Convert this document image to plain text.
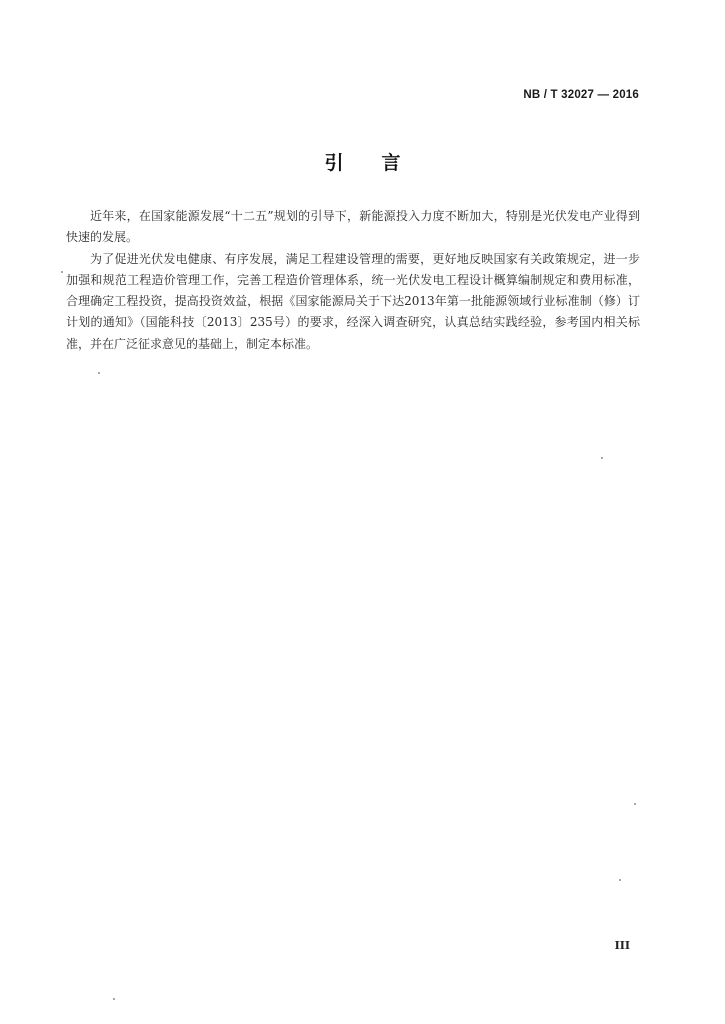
NB / T 32027 — 2016
引言

近年来，在国家能源发展“十二五”规划的引导下，新能源投入力度不断加大，特别是光伏发电产业得到快速的发展。

为了促进光伏发电健康、有序发展，满足工程建设管理的需要，更好地反映国家有关政策规定，进一步加强和规范工程造价管理工作，完善工程造价管理体系，统一光伏发电工程设计概算编制规定和费用标准，合理确定工程投资，提高投资效益，根据《国家能源局关于下达2013年第一批能源领域行业标准制（修）订计划的通知》（国能科技〔2013〕235号）的要求，经深入调查研究，认真总结实践经验，参考国内相关标准，并在广泛征求意见的基础上，制定本标准。

III
